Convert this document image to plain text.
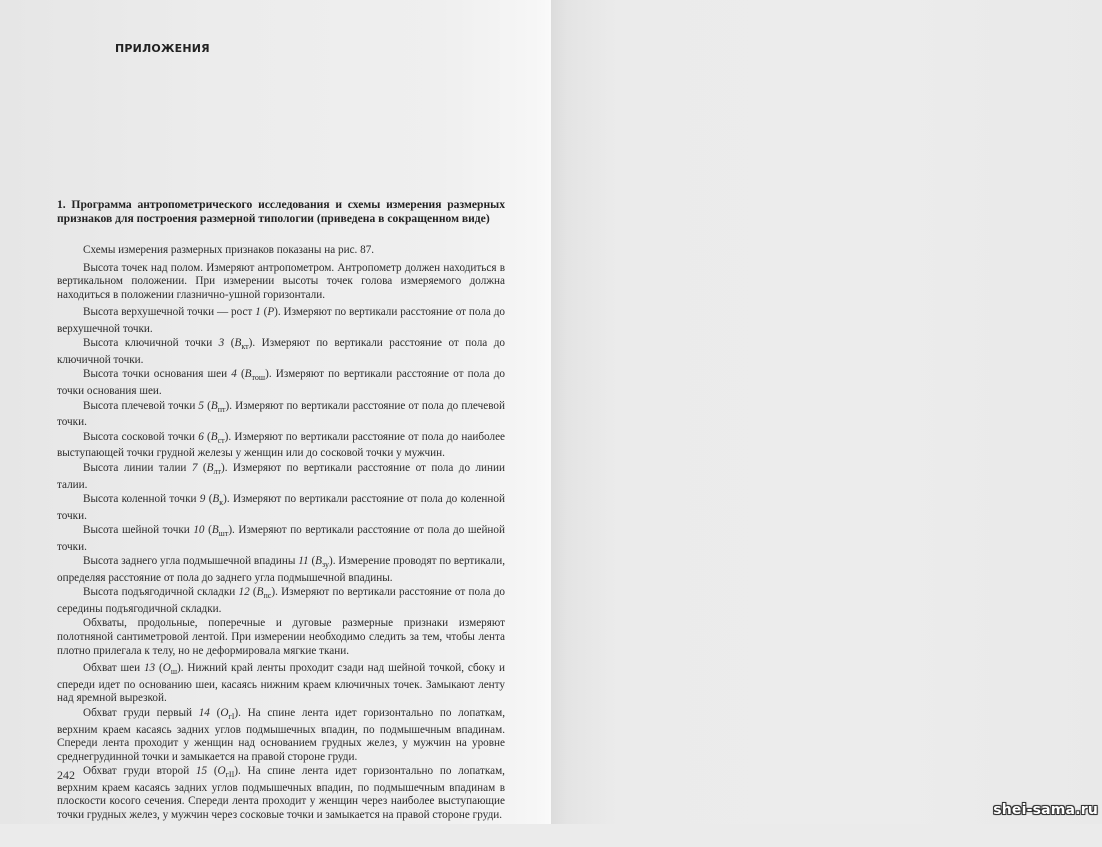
ПРИЛОЖЕНИЯ
1. Программа антропометрического исследования и схемы измерения размерных признаков для построения размерной типологии (приведена в сокращенном виде)

Схемы измерения размерных признаков показаны на рис. 87.

Высота точек над полом. Измеряют антропометром. Антропометр должен находиться в вертикальном положении. При измерении высоты точек голова измеряемого должна находиться в положении глазнично-ушной горизонтали.

Высота верхушечной точки — рост 1 (P). Измеряют по вертикали расстояние от пола до верхушечной точки.

Высота ключичной точки 3 $(B_{кт})$. Измеряют по вертикали расстояние от пола до ключичной точки.

Высота точки основания шеи 4 $(B_{тош})$. Измеряют по вертикали расстояние от пола до точки основания шеи.

Высота плечевой точки 5 $(B_{пт})$. Измеряют по вертикали расстояние от пола до плечевой точки.

Высота сосковой точки 6 $(B_{ст})$. Измеряют по вертикали расстояние от пола до наиболее выступающей точки грудной железы у женщин или до сосковой точки у мужчин.

Высота линии талии 7 $(B_{лт})$. Измеряют по вертикали расстояние от пола до линии талии.

Высота коленной точки 9 $(B_к)$. Измеряют по вертикали расстояние от пола до коленной точки.

Высота шейной точки 10 $(B_{шт})$. Измеряют по вертикали расстояние от пола до шейной точки.

Высота заднего угла подмышечной впадины 11 $(B_{зу})$. Измерение проводят по вертикали, определяя расстояние от пола до заднего угла подмышечной впадины.

Высота подъягодичной складки 12 $(B_{пс})$. Измеряют по вертикали расстояние от пола до середины подъягодичной складки.

Обхваты, продольные, поперечные и дуговые размерные признаки измеряют полотняной сантиметровой лентой. При измерении необходимо следить за тем, чтобы лента плотно прилегала к телу, но не деформировала мягкие ткани.

Обхват шеи 13 $(O_ш)$. Нижний край ленты проходит сзади над шейной точкой, сбоку и спереди идет по основанию шеи, касаясь нижним краем ключичных точек. Замыкают ленту над яремной вырезкой.

Обхват груди первый 14 $(O_{гI})$. На спине лента идет горизонтально по лопаткам, верхним краем касаясь задних углов подмышечных впадин, по подмышечным впадинам. Спереди лента проходит у женщин над основанием грудных желез, у мужчин на уровне среднегрудинной точки и замыкается на правой стороне груди.

Обхват груди второй 15 $(O_{гII})$. На спине лента идет горизонтально по лопаткам, верхним краем касаясь задних углов подмышечных впадин, по подмышечным впадинам в плоскости косого сечения. Спереди лента проходит у женщин через наиболее выступающие точки грудных желез, у мужчин через сосковые точки и замыкается на правой стороне груди.

242

shei-sama.ru
